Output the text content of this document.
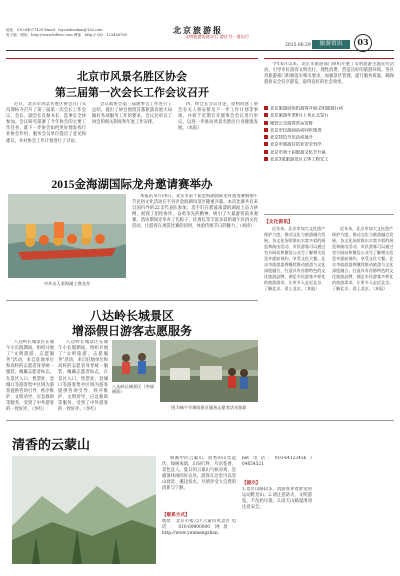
地址：010-64577429 Email：lvyouzhoukan@126.com
电子版：网址：http://www.bdlvzc.com 博客：http:// QQ：123456789	北京旅游报
文明旅游促进京行 游往另一道出行
2015.06.29	旅游资讯	03
北京市风景名胜区协会
第三届第一次会长工作会议召开

近日，北京市风景名胜区协会在门头沟潭柘寺召开了第三届第一次会长工作会议。会长、副会长及秘书长、监事长全体参加。会议研究部署了今年协会的主要工作任务，就下一步协会如何更好地发挥行业协会作用、服务会员单位提出了意见和建议，并对协会工作计划进行了讨论。

会议就协会第三届理事会工作进行了总结，提出了协会围绕首都旅游发展大局做好各项服务工作的要求，会议还审议了协会的相关制度和年度工作安排。

四、经会长会议讨论，原则同意了协会有关人事安排及下一步工作计划等事项，并将于近期召开理事会会议进行审议，以进一步推动风景名胜区行业健康发展。（本报）

2015金海湖国际龙舟邀请赛举办
中外友人金海湖上赛龙舟

本报讯 6月14日，北京市第十届金海湖国际龙舟邀请赛暨端午节民俗文化活动在平谷区金海湖风景区隆重开幕。本次比赛共有来自国内外的22支代表队参加，选手们在碧波荡漾的湖面上奋力拼搏，展现了团结协作、奋勇争先的精神，吸引了大量游客前来观赛。活动期间还举办了包粽子、挂香包等丰富多彩的端午民俗文化活动，让游客在观赏比赛的同时，体验传统节日的魅力。（刘涛）

八达岭长城景区
增添假日游客志愿服务

八达岭长城景区在端午小长假期间，组织开展了"文明旅游、志愿服务"活动，来自驻地单位和高校的志愿者身穿统一服装，佩戴志愿者标志，在景区入口、售票处、登城口等游客集中区域为游客提供咨询引导、秩序维护、文明劝导、应急救助等服务，受到了中外游客的一致好评。（李红）

八达岭长城景区在端午小长假期间，组织开展了"文明旅游、志愿服务"活动，来自驻地单位和高校的志愿者身穿统一服装，佩戴志愿者标志，在景区入口、售票处、登城口等游客集中区域为游客提供咨询引导、秩序维护、文明劝导、应急救助等服务，受到了中外游客的一致好评。（李红）

八达岭长城景区（李丽 摄影）
图为端午节期间景区服务志愿者活动掠影
清香的云蒙山

如画中的云蒙山，清秀的山峦起伏，绿树成荫，山泉叮咚，鸟语花香，景色宜人。夏日的云蒙山气候凉爽，是避暑休闲的好去处。游客在这里可以登山观景、溪边戏水，尽情享受大自然的清新与宁静。

【联系方式】

地址：北京市密云区云蒙山风景区 电话：010-69000000 网址：http://www.yunmengshan.

net 电话：010-64123456 / 64654321

【提示】

1.景区山路较多，请游客穿着舒适的运动鞋登山；2.请注意防火，文明游览，不乱扔垃圾；3.雨天山路湿滑请注意安全。

今年6月以来，北京市旅游部门组织开展了文明旅游主题宣传活动，引导市民游客文明出行、理性消费，营造良好的旅游环境。各区县旅游部门积极落实相关要求，加强景区管理，提升服务质量，确保游客安全有序游览，取得良好的社会效果。

北京旅游局组织游客开展文明旅游行动
北京旅游年票6月上旬正式发行
地铁公交游客营运安排
北京市民游园活动同步推进
北京特色节庆活动展开
北京市旅游住宿业安全有序
北京市第十届旅游文化节开幕
北京3家旅游景区主体工程完工
【文化资讯】

近年来，北京市加大文化遗产保护力度，推动文化与旅游融合发展。各文化场馆推出丰富多彩的展览和演出活动，市民游客可以通过官方网站和微信公众号了解相关信息并提前预约，享受文化大餐。北京市旅游委将继续推动旅游与文化深度融合，打造具有首都特色的文化旅游品牌，满足市民游客多样化的旅游需求，让更多人走近北京、了解北京、爱上北京。（本报）

近年来，北京市加大文化遗产保护力度，推动文化与旅游融合发展。各文化场馆推出丰富多彩的展览和演出活动，市民游客可以通过官方网站和微信公众号了解相关信息并提前预约，享受文化大餐。北京市旅游委将继续推动旅游与文化深度融合，打造具有首都特色的文化旅游品牌，满足市民游客多样化的旅游需求，让更多人走近北京、了解北京、爱上北京。（本报）
